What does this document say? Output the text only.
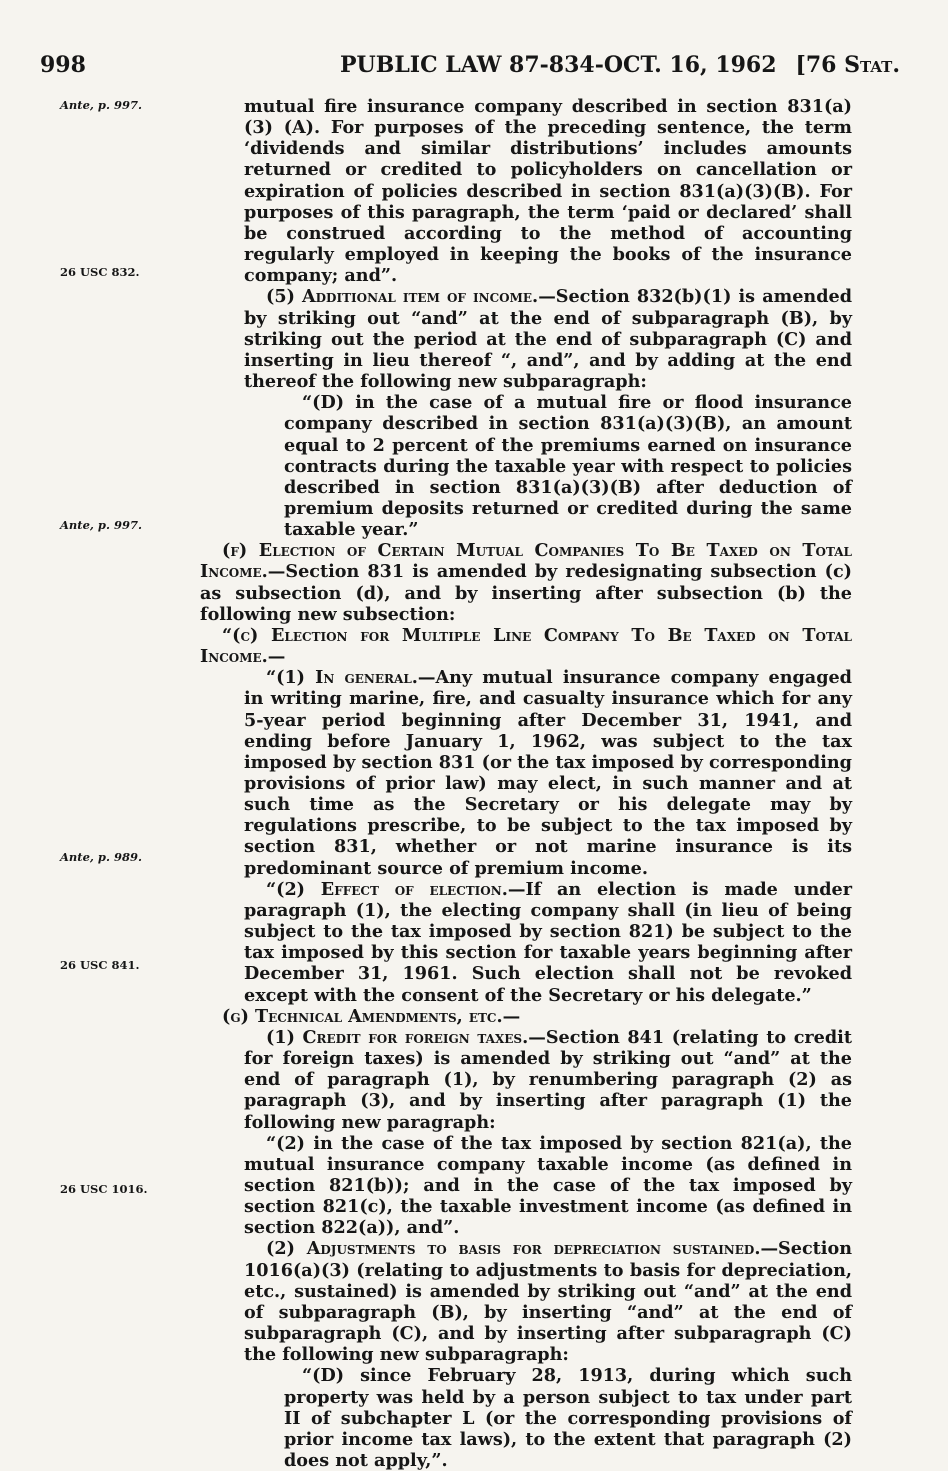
998	PUBLIC LAW 87-834-OCT. 16, 1962 [76 Stat.
Ante, p. 997.
26 USC 832.
Ante, p. 997.
Ante, p. 989.
26 USC 841.
26 USC 1016.

mutual fire insurance company described in section 831(a)(3) (A). For purposes of the preceding sentence, the term ‘dividends and similar distributions’ includes amounts returned or credited to policyholders on cancellation or expiration of policies described in section 831(a)(3)(B). For purposes of this paragraph, the term ‘paid or declared’ shall be construed according to the method of accounting regularly employed in keeping the books of the insurance company; and”.

(5) Additional item of income.—Section 832(b)(1) is amended by striking out “and” at the end of subparagraph (B), by striking out the period at the end of subparagraph (C) and inserting in lieu thereof “, and”, and by adding at the end thereof the following new subparagraph:

“(D) in the case of a mutual fire or flood insurance company described in section 831(a)(3)(B), an amount equal to 2 percent of the premiums earned on insurance contracts during the taxable year with respect to policies described in section 831(a)(3)(B) after deduction of premium deposits returned or credited during the same taxable year.”

(f) Election of Certain Mutual Companies To Be Taxed on Total Income.—Section 831 is amended by redesignating subsection (c) as subsection (d), and by inserting after subsection (b) the following new subsection:

“(c) Election for Multiple Line Company To Be Taxed on Total Income.—

“(1) In general.—Any mutual insurance company engaged in writing marine, fire, and casualty insurance which for any 5-year period beginning after December 31, 1941, and ending before January 1, 1962, was subject to the tax imposed by section 831 (or the tax imposed by corresponding provisions of prior law) may elect, in such manner and at such time as the Secretary or his delegate may by regulations prescribe, to be subject to the tax imposed by section 831, whether or not marine insurance is its predominant source of premium income.

“(2) Effect of election.—If an election is made under paragraph (1), the electing company shall (in lieu of being subject to the tax imposed by section 821) be subject to the tax imposed by this section for taxable years beginning after December 31, 1961. Such election shall not be revoked except with the consent of the Secretary or his delegate.”

(g) Technical Amendments, etc.—

(1) Credit for foreign taxes.—Section 841 (relating to credit for foreign taxes) is amended by striking out “and” at the end of paragraph (1), by renumbering paragraph (2) as paragraph (3), and by inserting after paragraph (1) the following new paragraph:

“(2) in the case of the tax imposed by section 821(a), the mutual insurance company taxable income (as defined in section 821(b)); and in the case of the tax imposed by section 821(c), the taxable investment income (as defined in section 822(a)), and”.

(2) Adjustments to basis for depreciation sustained.—Section 1016(a)(3) (relating to adjustments to basis for depreciation, etc., sustained) is amended by striking out “and” at the end of subparagraph (B), by inserting “and” at the end of subparagraph (C), and by inserting after subparagraph (C) the following new subparagraph:

“(D) since February 28, 1913, during which such property was held by a person subject to tax under part II of subchapter L (or the corresponding provisions of prior income tax laws), to the extent that paragraph (2) does not apply,”.
